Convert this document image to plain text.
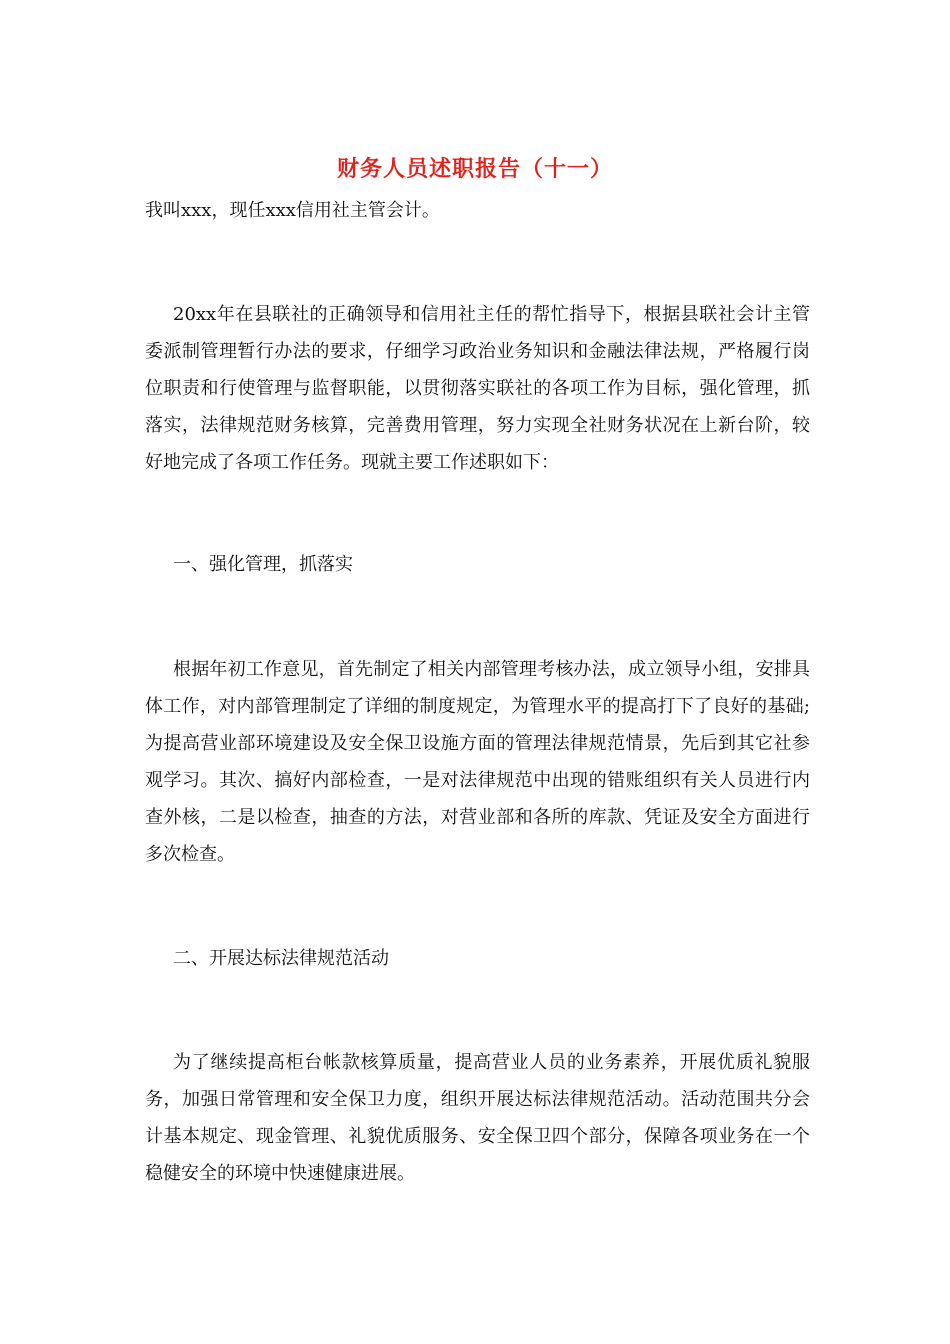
财务人员述职报告（十一）
我叫xxx，现任xxx信用社主管会计。
20xx年在县联社的正确领导和信用社主任的帮忙指导下，根据县联社会计主管委派制管理暂行办法的要求，仔细学习政治业务知识和金融法律法规，严格履行岗位职责和行使管理与监督职能，以贯彻落实联社的各项工作为目标，强化管理，抓落实，法律规范财务核算，完善费用管理，努力实现全社财务状况在上新台阶，较好地完成了各项工作任务。现就主要工作述职如下：
一、强化管理，抓落实
根据年初工作意见，首先制定了相关内部管理考核办法，成立领导小组，安排具体工作，对内部管理制定了详细的制度规定，为管理水平的提高打下了良好的基础;为提高营业部环境建设及安全保卫设施方面的管理法律规范情景，先后到其它社参观学习。其次、搞好内部检查，一是对法律规范中出现的错账组织有关人员进行内查外核，二是以检查，抽查的方法，对营业部和各所的库款、凭证及安全方面进行多次检查。
二、开展达标法律规范活动
为了继续提高柜台帐款核算质量，提高营业人员的业务素养，开展优质礼貌服务，加强日常管理和安全保卫力度，组织开展达标法律规范活动。活动范围共分会计基本规定、现金管理、礼貌优质服务、安全保卫四个部分，保障各项业务在一个稳健安全的环境中快速健康进展。
